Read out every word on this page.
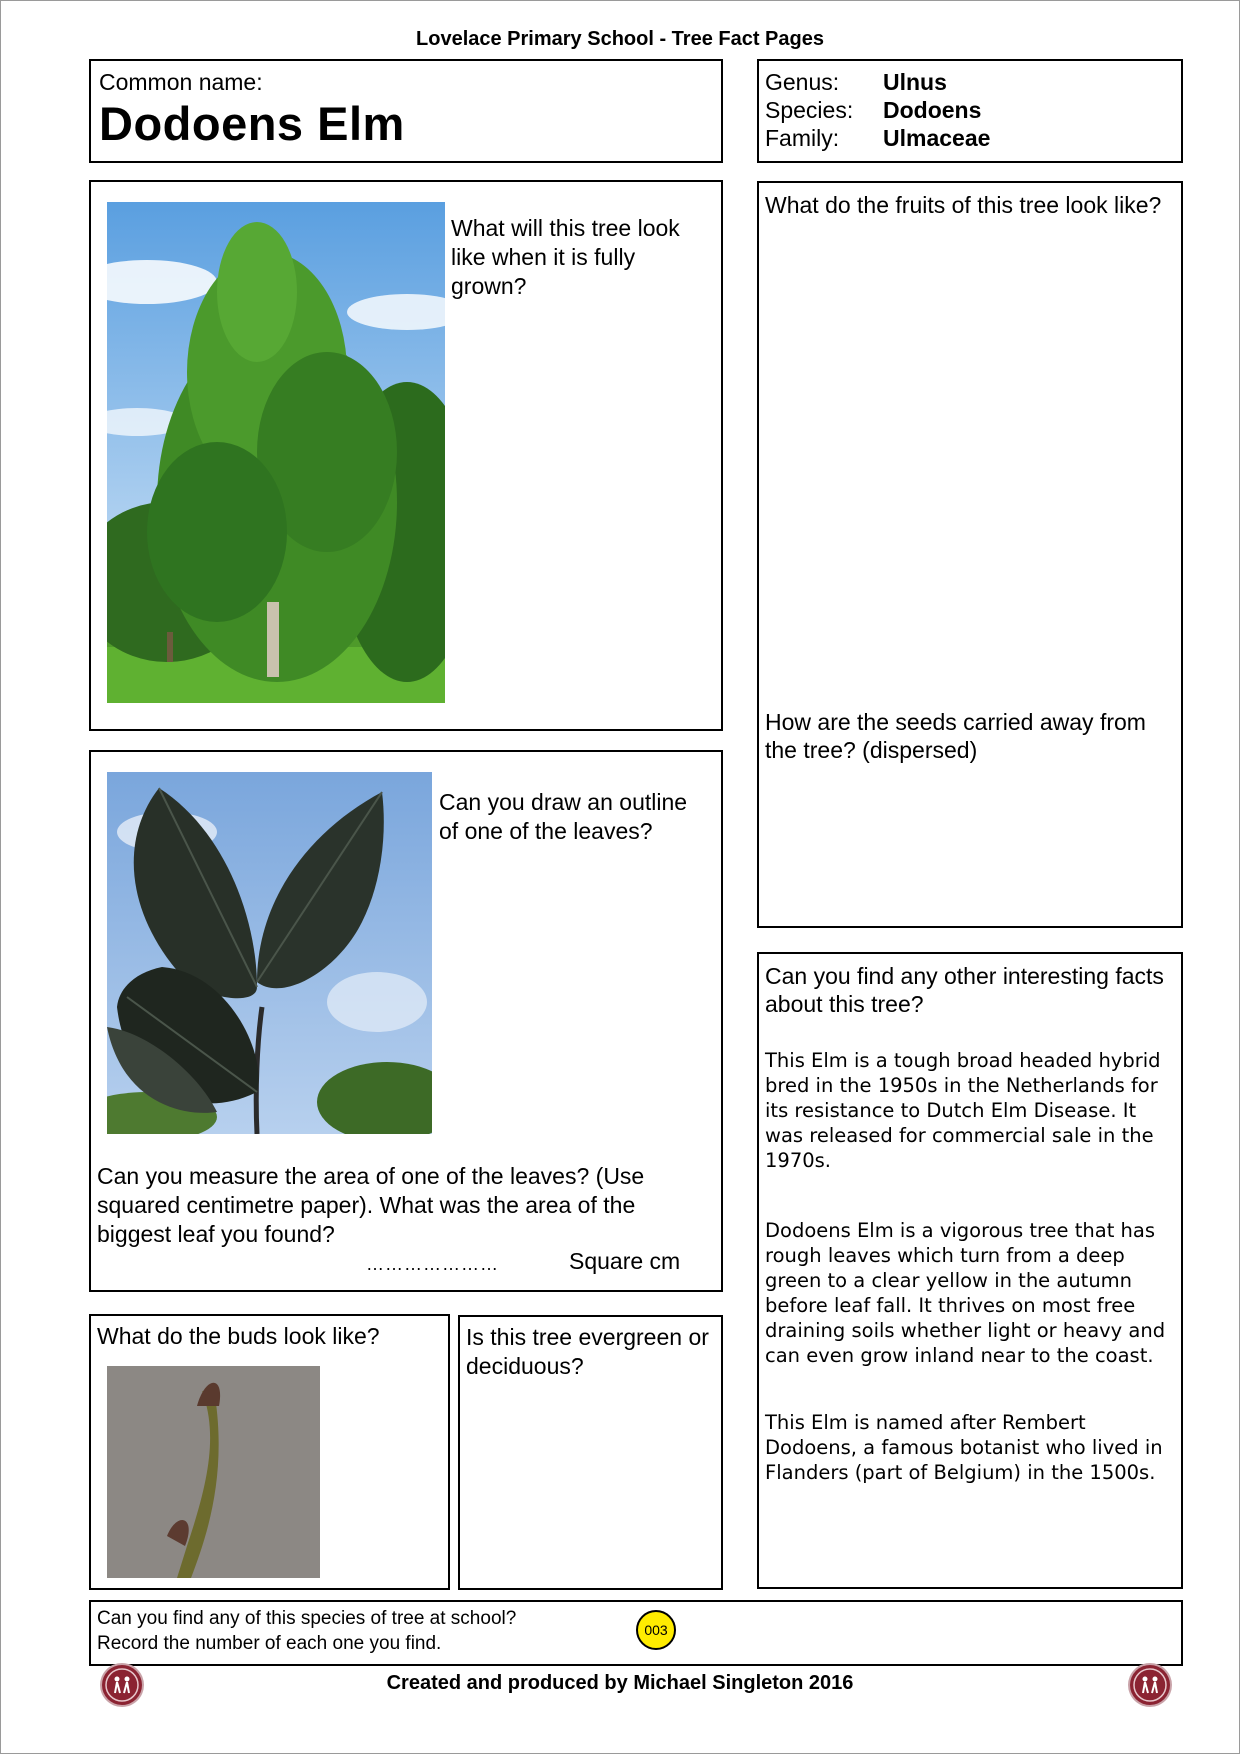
Lovelace Primary School - Tree Fact Pages
Common name:
Dodoens Elm
Genus: Ulnus
Species: Dodoens
Family: Ulmaceae
What will this tree look like when it is fully grown?
What do the fruits of this tree look like?
How are the seeds carried away from the tree? (dispersed)
Can you draw an outline of one of the leaves?
Can you measure the area of one of the leaves? (Use squared centimetre paper). What was the area of the biggest leaf you found?
…………………	Square cm
Can you find any other interesting facts about this tree?
This Elm is a tough broad headed hybrid bred in the 1950s in the Netherlands for its resistance to Dutch Elm Disease. It was released for commercial sale in the 1970s.
Dodoens Elm is a vigorous tree that has rough leaves which turn from a deep green to a clear yellow in the autumn before leaf fall. It thrives on most free draining soils whether light or heavy and can even grow inland near to the coast.
This Elm is named after Rembert Dodoens, a famous botanist who lived in Flanders (part of Belgium) in the 1500s.
What do the buds look like?	Is this tree evergreen or deciduous?
Can you find any of this species of tree at school?
Record the number of each one you find.
003
Created and produced by Michael Singleton 2016
